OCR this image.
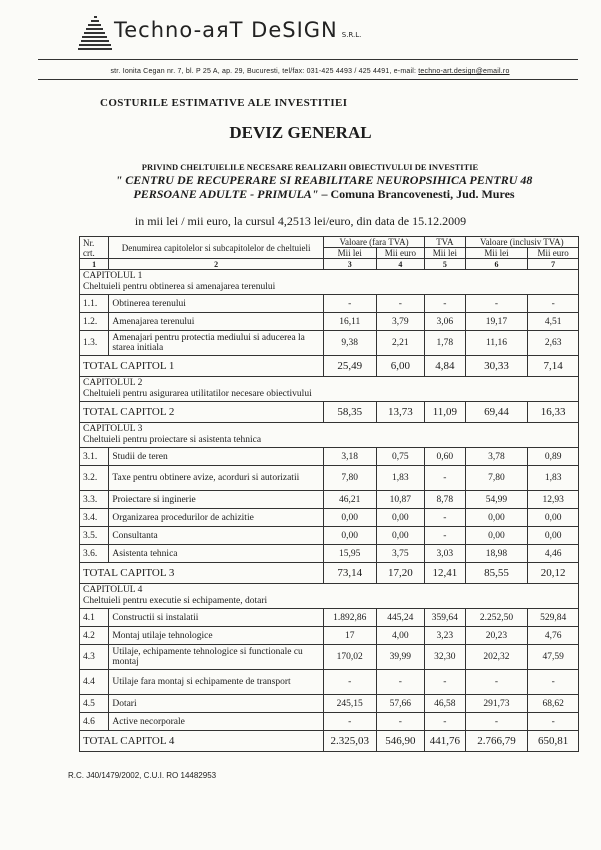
Techno-aяT DeSIGN S.R.L.
str. Ionita Cegan nr. 7, bl. P 25 A, ap. 29, Bucuresti, tel/fax: 031-425 4493 / 425 4491, e-mail: techno-art.design@email.ro
COSTURILE ESTIMATIVE ALE INVESTITIEI
DEVIZ GENERAL
PRIVIND CHELTUIELILE NECESARE REALIZARII OBIECTIVULUI DE INVESTITIE
" CENTRU DE RECUPERARE SI REABILITARE NEUROPSIHICA PENTRU 48 PERSOANE ADULTE - PRIMULA" – Comuna Brancovenesti, Jud. Mures
in mii lei / mii euro, la cursul 4,2513 lei/euro, din data de 15.12.2009
Nr. crt.	Denumirea capitolelor si subcapitolelor de cheltuieli	Valoare (fara TVA)		TVA	Valoare (inclusiv TVA)	
		Mii lei	Mii euro	Mii lei	Mii lei	Mii euro
1	2	3	4	5	6	7

CAPITOLUL 1
Cheltuieli pentru obtinerea si amenajarea terenului						

1.1.	Obtinerea terenului	-	-	-	-	-
1.2.	Amenajarea terenului	16,11	3,79	3,06	19,17	4,51
1.3.	Amenajari pentru protectia mediului si aducerea la starea initiala	9,38	2,21	1,78	11,16	2,63
TOTAL CAPITOL 1		25,49	6,00	4,84	30,33	7,14

CAPITOLUL 2
Cheltuieli pentru asigurarea utilitatilor necesare obiectivului						

TOTAL CAPITOL 2		58,35	13,73	11,09	69,44	16,33

CAPITOLUL 3
Cheltuieli pentru proiectare si asistenta tehnica						

3.1.	Studii de teren	3,18	0,75	0,60	3,78	0,89
3.2.	Taxe pentru obtinere avize, acorduri si autorizatii	7,80	1,83	-	7,80	1,83
3.3.	Proiectare si inginerie	46,21	10,87	8,78	54,99	12,93
3.4.	Organizarea procedurilor de achizitie	0,00	0,00	-	0,00	0,00
3.5.	Consultanta	0,00	0,00	-	0,00	0,00
3.6.	Asistenta tehnica	15,95	3,75	3,03	18,98	4,46
TOTAL CAPITOL 3		73,14	17,20	12,41	85,55	20,12

CAPITOLUL 4
Cheltuieli pentru executie si echipamente, dotari						

4.1	Constructii si instalatii	1.892,86	445,24	359,64	2.252,50	529,84
4.2	Montaj utilaje tehnologice	17	4,00	3,23	20,23	4,76
4.3	Utilaje, echipamente tehnologice si functionale cu montaj	170,02	39,99	32,30	202,32	47,59
4.4	Utilaje fara montaj si echipamente de transport	-	-	-	-	-
4.5	Dotari	245,15	57,66	46,58	291,73	68,62
4.6	Active necorporale	-	-	-	-	-
TOTAL CAPITOL 4		2.325,03	546,90	441,76	2.766,79	650,81
R.C. J40/1479/2002, C.U.I. RO 14482953
